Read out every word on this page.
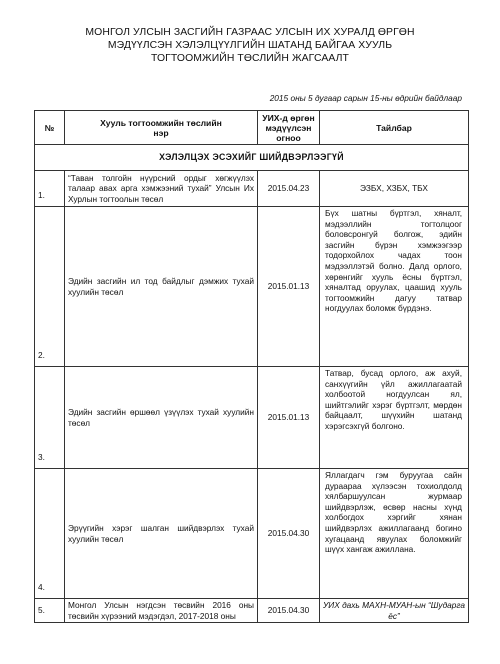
МОНГОЛ УЛСЫН ЗАСГИЙН ГАЗРААС УЛСЫН ИХ ХУРАЛД ӨРГӨН
МЭДҮҮЛСЭН ХЭЛЭЛЦҮҮЛГИЙН ШАТАНД БАЙГАА ХУУЛЬ
ТОГТООМЖИЙН ТӨСЛИЙН ЖАГСААЛТ
2015 оны 5 дугаар сарын 15-ны өдрийн байдлаар
№	Хууль тогтоомжийн төслийн нэр	УИХ-д өргөн мэдүүлсэн огноо	Тайлбар
ХЭЛЭЛЦЭХ ЭСЭХИЙГ ШИЙДВЭРЛЭЭГҮЙ			
1.	“Таван толгойн нүүрсний ордыг хөгжүүлэх талаар авах арга хэмжээний тухай” Улсын Их Хурлын тогтоолын төсөл	2015.04.23	ЭЗБХ, ХЗБХ, ТБХ
2.	Эдийн засгийн ил тод байдлыг дэмжих тухай хуулийн төсөл	2015.01.13	Бүх шатны бүртгэл, хяналт, мэдээллийн тогтолцоог боловсронгуй болгож, эдийн засгийн бүрэн хэмжээгээр тодорхойлох чадах тоон мэдээллэтэй болно. Далд орлого, хөрөнгийг хууль ёсны бүртгэл, хяналтад оруулах, цаашид хууль тогтоомжийн дагуу татвар ногдуулах боломж бүрдэнэ.
3.	Эдийн засгийн өршөөл үзүүлэх тухай хуулийн төсөл	2015.01.13	Татвар, бусад орлого, аж ахуй, санхүүгийн үйл ажиллагаатай холбоотой ногдуулсан ял, шийтгэлийг хэрэг бүртгэлт, мөрдөн байцаалт, шүүхийн шатанд хэрэгсэхгүй болгоно.
4.	Эрүүгийн хэрэг шалган шийдвэрлэх тухай хуулийн төсөл	2015.04.30	Яллагдагч гэм буруугаа сайн дураараа хүлээсэн тохиолдолд хялбаршуулсан журмаар шийдвэрлэж, өсвөр насны хүнд холбогдох хэргийг хянан шийдвэрлэх ажиллагаанд богино хугацаанд явуулах боломжийг шүүх хангаж ажиллана.
5.	Монгол Улсын нэгдсэн төсвийн 2016 оны төсвийн хүрээний мэдэгдэл, 2017-2018 оны	2015.04.30	УИХ дахь МАХН-МУАН-ын “Шударга ёс”
